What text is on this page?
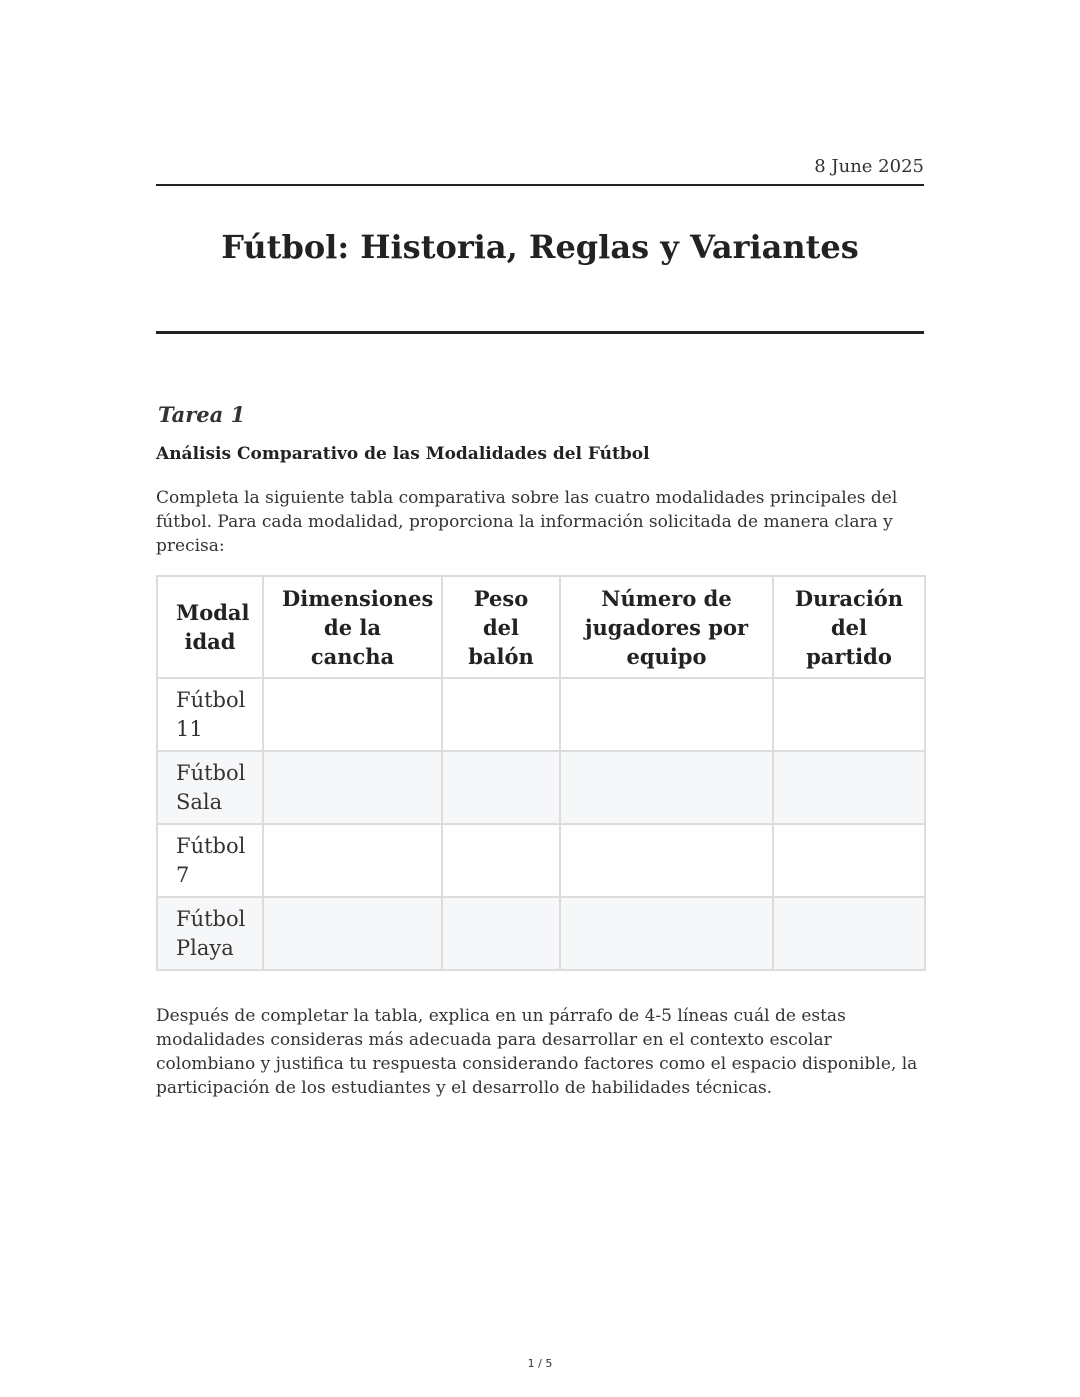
8 June 2025
Fútbol: Historia, Reglas y Variantes
Tarea 1
Análisis Comparativo de las Modalidades del Fútbol

Completa la siguiente tabla comparativa sobre las cuatro modalidades principales del fútbol. Para cada modalidad, proporciona la información solicitada de manera clara y precisa:

Modal idad	Dimensiones de la cancha	Peso del balón	Número de jugadores por equipo	Duración del partido
Fútbol 11				
Fútbol Sala				
Fútbol 7				
Fútbol Playa				

Después de completar la tabla, explica en un párrafo de 4-5 líneas cuál de estas modalidades consideras más adecuada para desarrollar en el contexto escolar colombiano y justifica tu respuesta considerando factores como el espacio disponible, la participación de los estudiantes y el desarrollo de habilidades técnicas.

1 / 5
